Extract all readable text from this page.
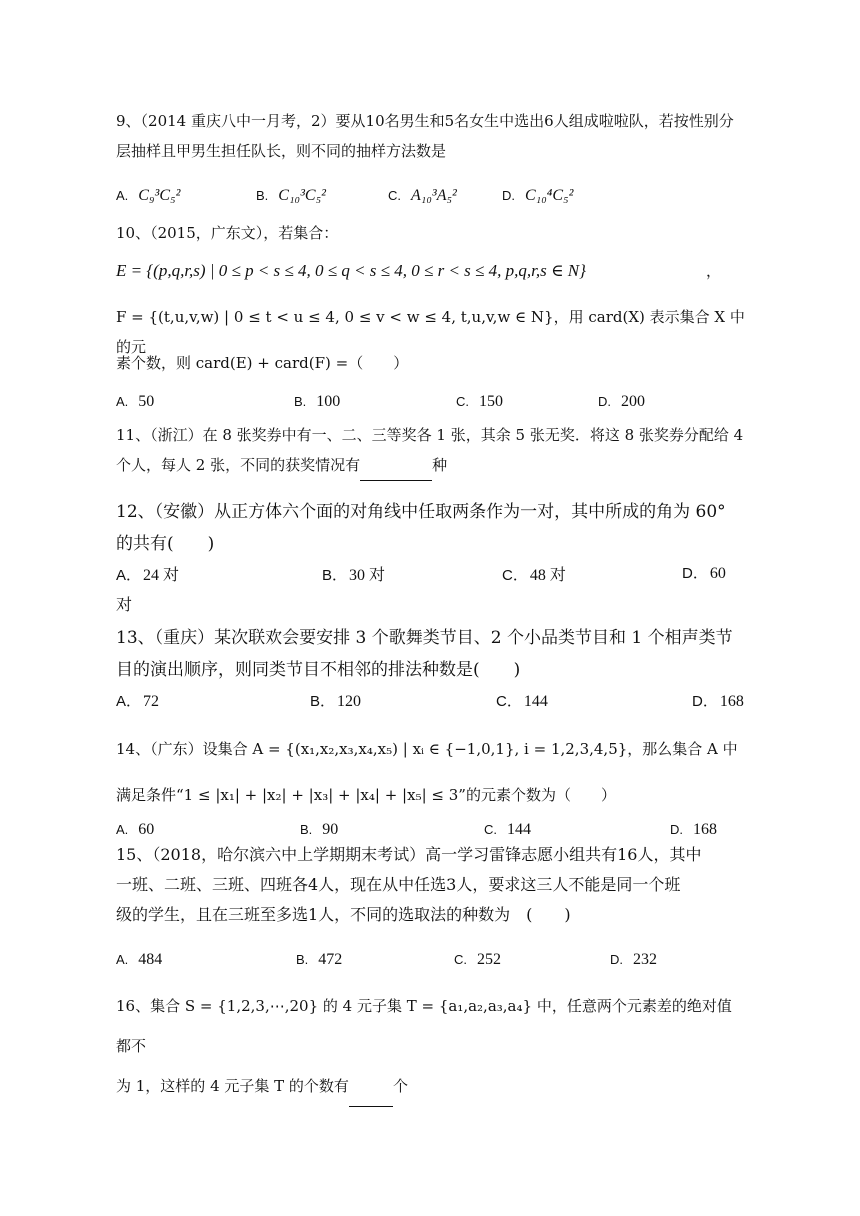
9、（2014 重庆八中一月考，2）要从10名男生和5名女生中选出6人组成啦啦队，若按性别分

层抽样且甲男生担任队长，则不同的抽样方法数是

A. C₉³C₅²	B. C₁₀³C₅²	C. A₁₀³A₅²	D. C₁₀⁴C₅²

10、（2015，广东文），若集合：

E = {(p,q,r,s) | 0 ≤ p < s ≤ 4, 0 ≤ q < s ≤ 4, 0 ≤ r < s ≤ 4, p,q,r,s ∈ N}	，

F = {(t,u,v,w) | 0 ≤ t < u ≤ 4, 0 ≤ v < w ≤ 4, t,u,v,w ∈ N}，用 card(X) 表示集合 X 中的元

素个数，则 card(E) + card(F) =（　　）

A. 50	B. 100	C. 150	D. 200

11、（浙江）在 8 张奖券中有一、二、三等奖各 1 张，其余 5 张无奖．将这 8 张奖券分配给 4

个人，每人 2 张，不同的获奖情况有	种

12、（安徽）从正方体六个面的对角线中任取两条作为一对，其中所成的角为 60°

的共有(　　)

A． 24 对	B． 30 对	C． 48 对	D． 60

对

13、（重庆）某次联欢会要安排 3 个歌舞类节目、2 个小品类节目和 1 个相声类节

目的演出顺序，则同类节目不相邻的排法种数是(　　)

A． 72	B． 120	C． 144	D． 168

14、（广东）设集合 A = {(x₁,x₂,x₃,x₄,x₅) | xᵢ ∈ {−1,0,1}, i = 1,2,3,4,5}，那么集合 A 中

满足条件“1 ≤ |x₁| + |x₂| + |x₃| + |x₄| + |x₅| ≤ 3”的元素个数为（　　）

A. 60	B. 90	C. 144	D. 168

15、（2018，哈尔滨六中上学期期末考试）高一学习雷锋志愿小组共有16人，其中

一班、二班、三班、四班各4人，现在从中任选3人，要求这三人不能是同一个班

级的学生，且在三班至多选1人，不同的选取法的种数为　(　　)

A. 484	B. 472	C. 252	D. 232

16、集合 S = {1,2,3,⋯,20} 的 4 元子集 T = {a₁,a₂,a₃,a₄} 中，任意两个元素差的绝对值都不

为 1，这样的 4 元子集 T 的个数有	个
